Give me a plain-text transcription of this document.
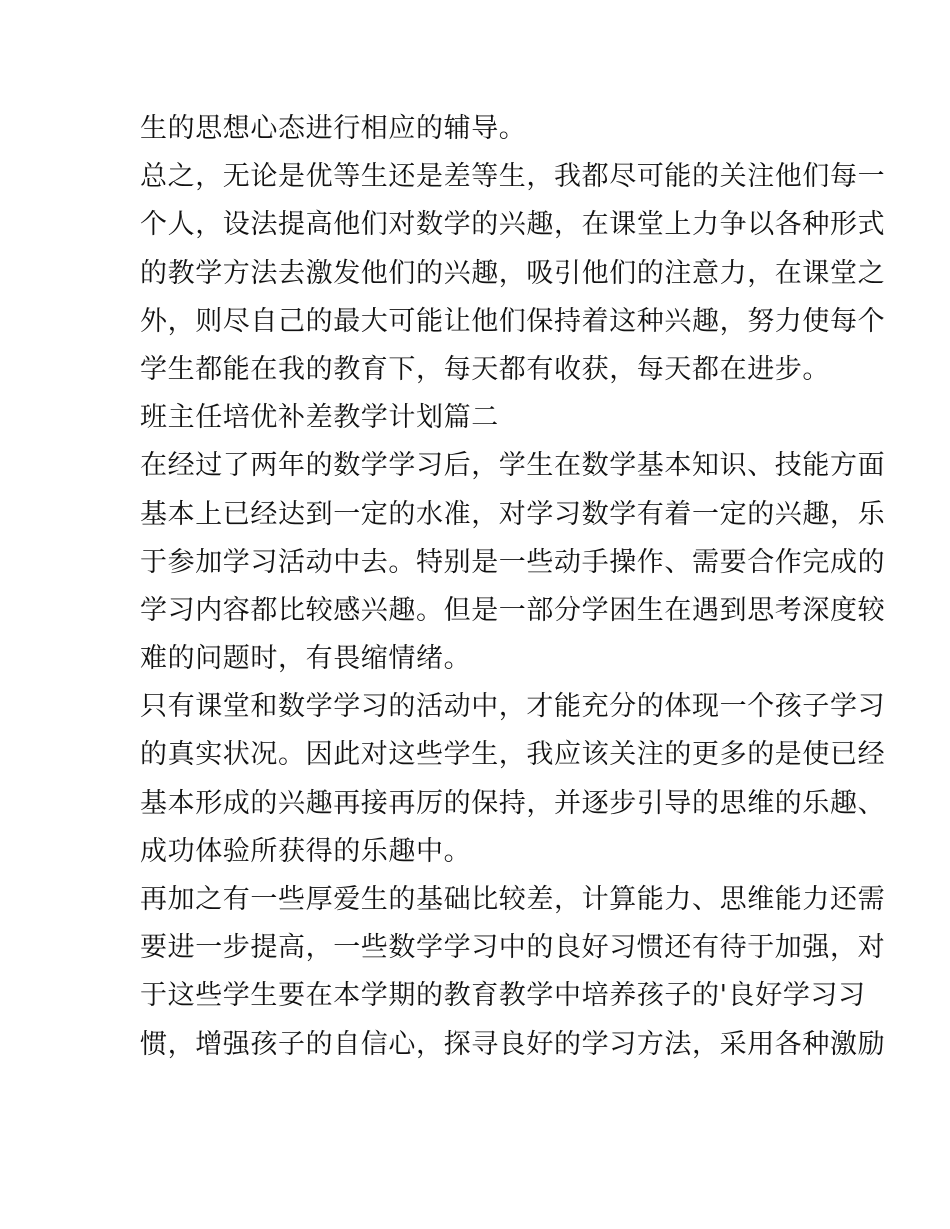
生的思想心态进行相应的辅导。
总之，无论是优等生还是差等生，我都尽可能的关注他们每一
个人，设法提高他们对数学的兴趣，在课堂上力争以各种形式
的教学方法去激发他们的兴趣，吸引他们的注意力，在课堂之
外，则尽自己的最大可能让他们保持着这种兴趣，努力使每个
学生都能在我的教育下，每天都有收获，每天都在进步。
班主任培优补差教学计划篇二
在经过了两年的数学学习后，学生在数学基本知识、技能方面
基本上已经达到一定的水准，对学习数学有着一定的兴趣，乐
于参加学习活动中去。特别是一些动手操作、需要合作完成的
学习内容都比较感兴趣。但是一部分学困生在遇到思考深度较
难的问题时，有畏缩情绪。
只有课堂和数学学习的活动中，才能充分的体现一个孩子学习
的真实状况。因此对这些学生，我应该关注的更多的是使已经
基本形成的兴趣再接再厉的保持，并逐步引导的思维的乐趣、
成功体验所获得的乐趣中。
再加之有一些厚爱生的基础比较差，计算能力、思维能力还需
要进一步提高，一些数学学习中的良好习惯还有待于加强，对
于这些学生要在本学期的教育教学中培养孩子的'良好学习习
惯，增强孩子的自信心，探寻良好的学习方法，采用各种激励
